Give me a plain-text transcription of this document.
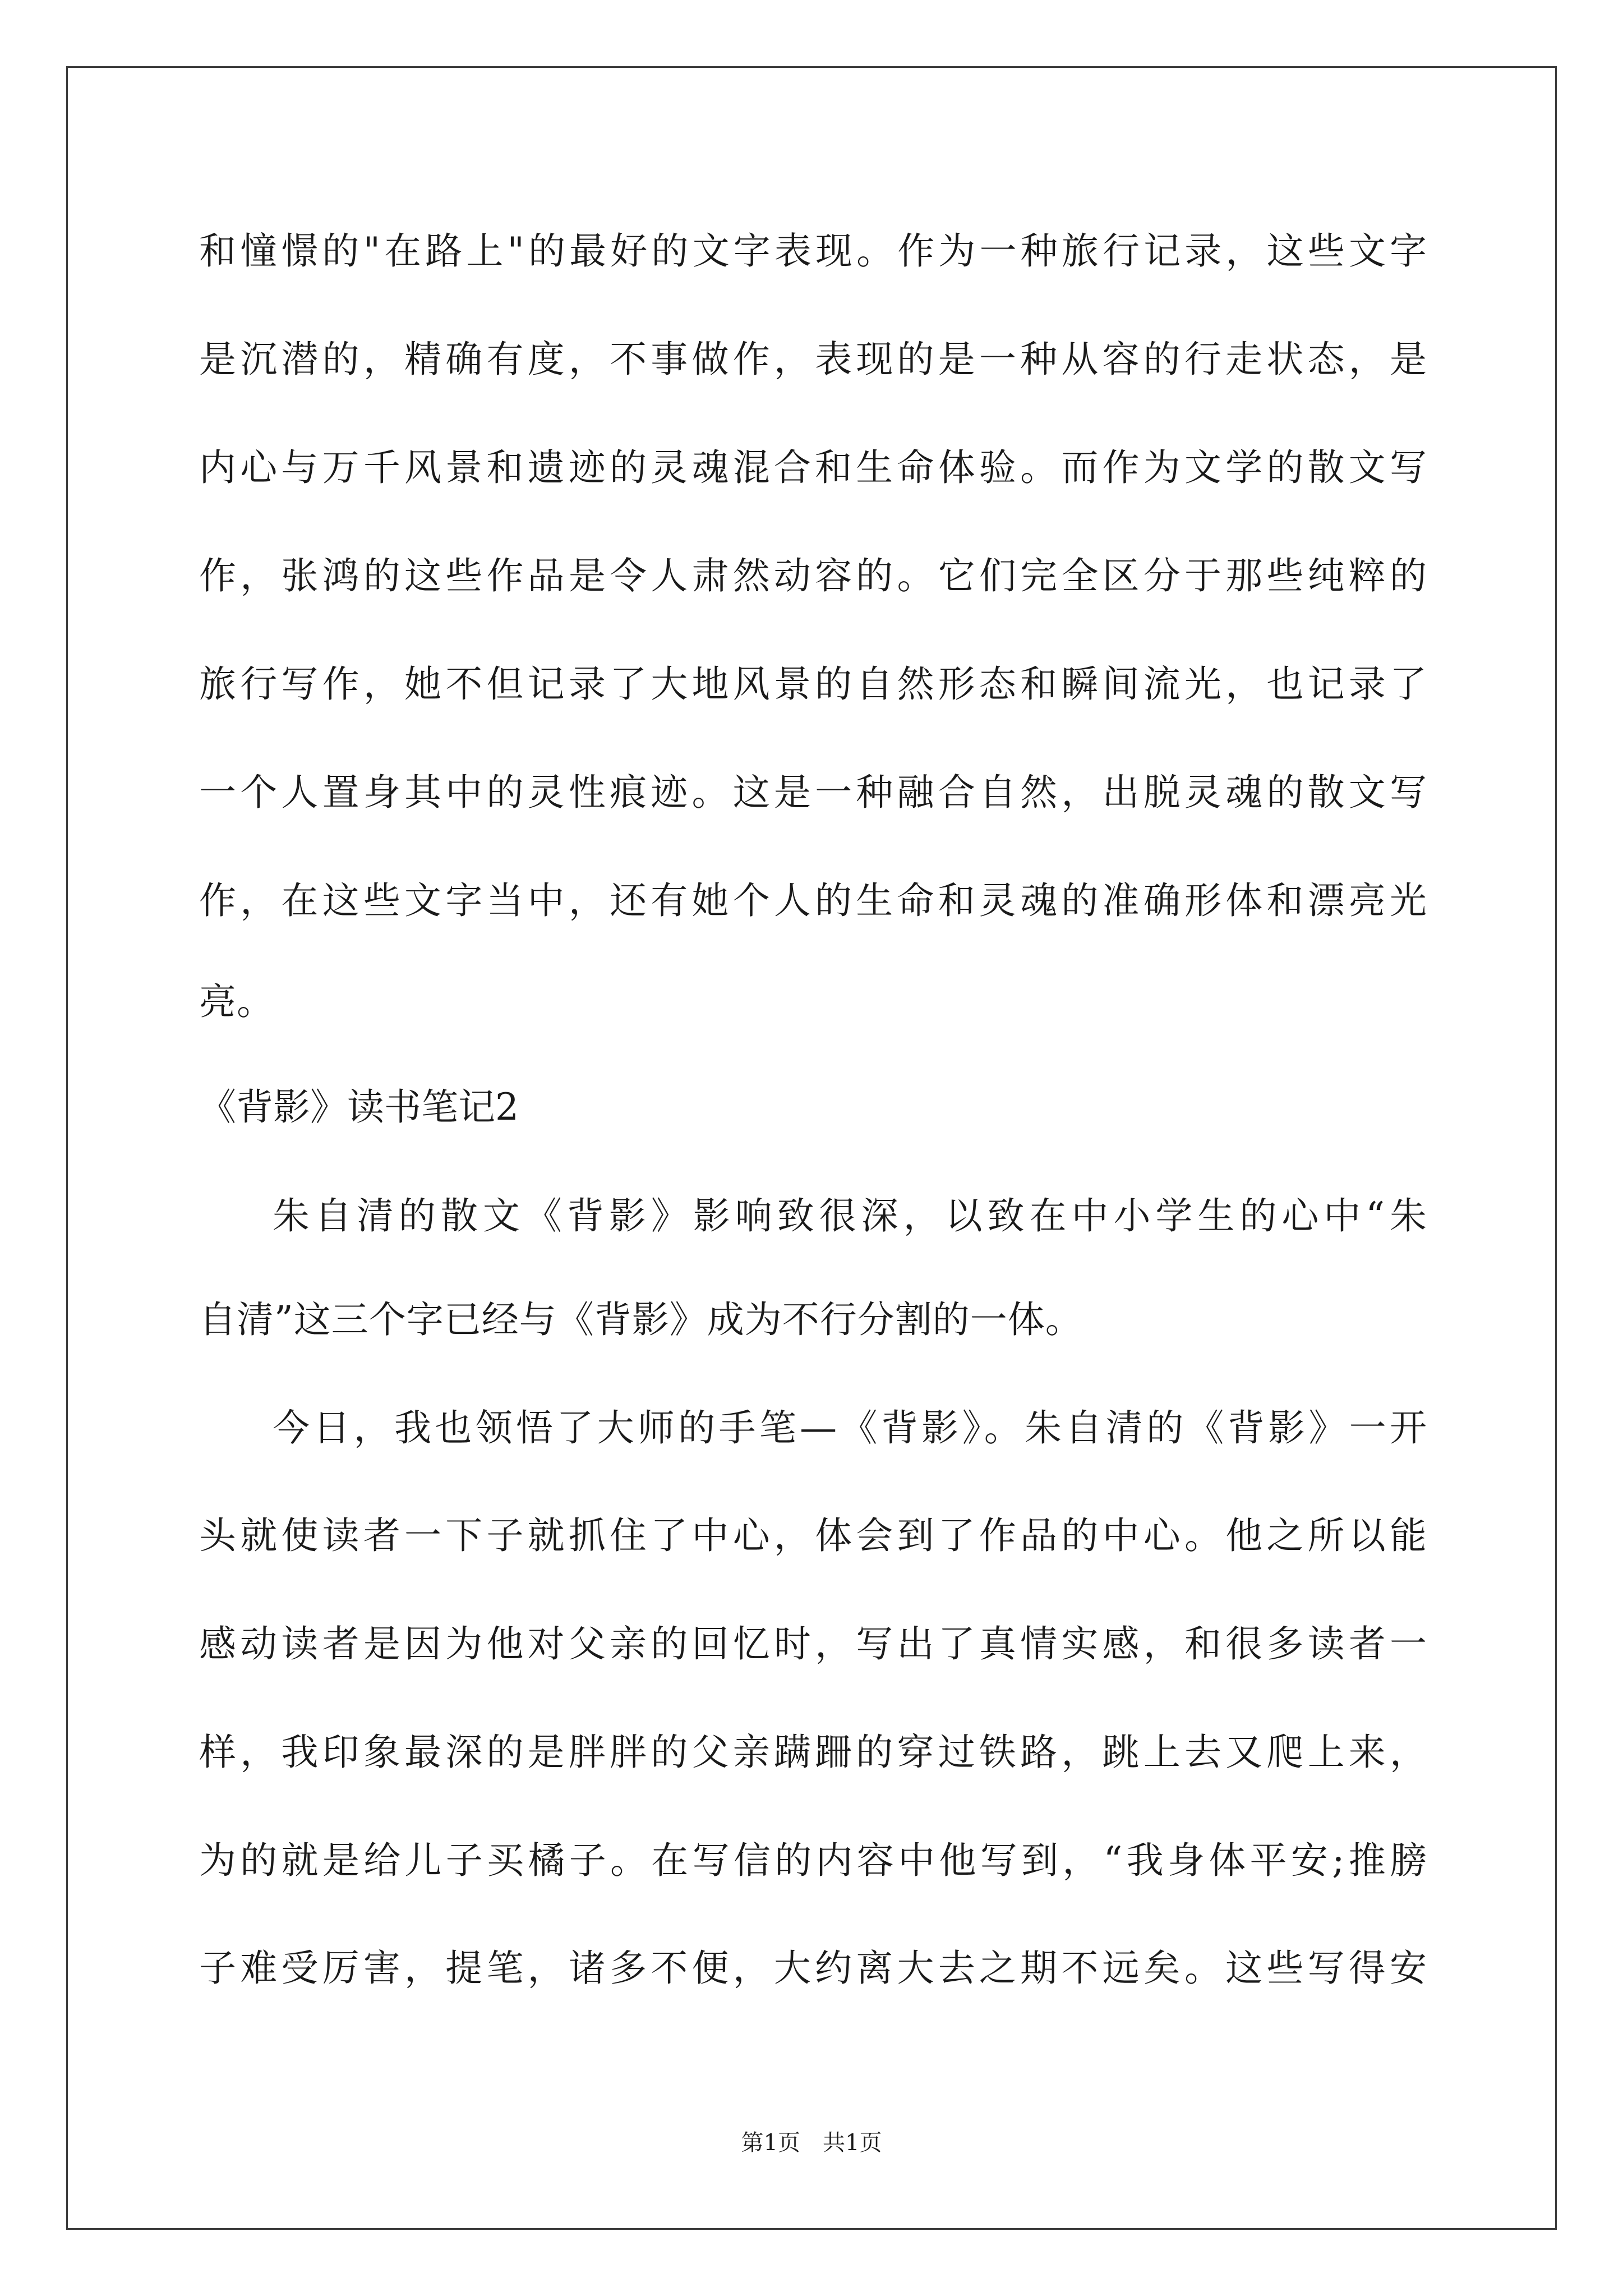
和憧憬的"在路上"的最好的文字表现。作为一种旅行记录，这些文字
是沉潜的，精确有度，不事做作，表现的是一种从容的行走状态，是
内心与万千风景和遗迹的灵魂混合和生命体验。而作为文学的散文写
作，张鸿的这些作品是令人肃然动容的。它们完全区分于那些纯粹的
旅行写作，她不但记录了大地风景的自然形态和瞬间流光，也记录了
一个人置身其中的灵性痕迹。这是一种融合自然，出脱灵魂的散文写
作，在这些文字当中，还有她个人的生命和灵魂的准确形体和漂亮光
亮。
《背影》读书笔记2
朱自清的散文《背影》影响致很深，以致在中小学生的心中“朱
自清”这三个字已经与《背影》成为不行分割的一体。
今日，我也领悟了大师的手笔—《背影》。朱自清的《背影》一开
头就使读者一下子就抓住了中心，体会到了作品的中心。他之所以能
感动读者是因为他对父亲的回忆时，写出了真情实感，和很多读者一
样，我印象最深的是胖胖的父亲蹒跚的穿过铁路，跳上去又爬上来，
为的就是给儿子买橘子。在写信的内容中他写到，“我身体平安;推膀
子难受厉害，提笔，诸多不便，大约离大去之期不远矣。这些写得安
第1页　共1页
